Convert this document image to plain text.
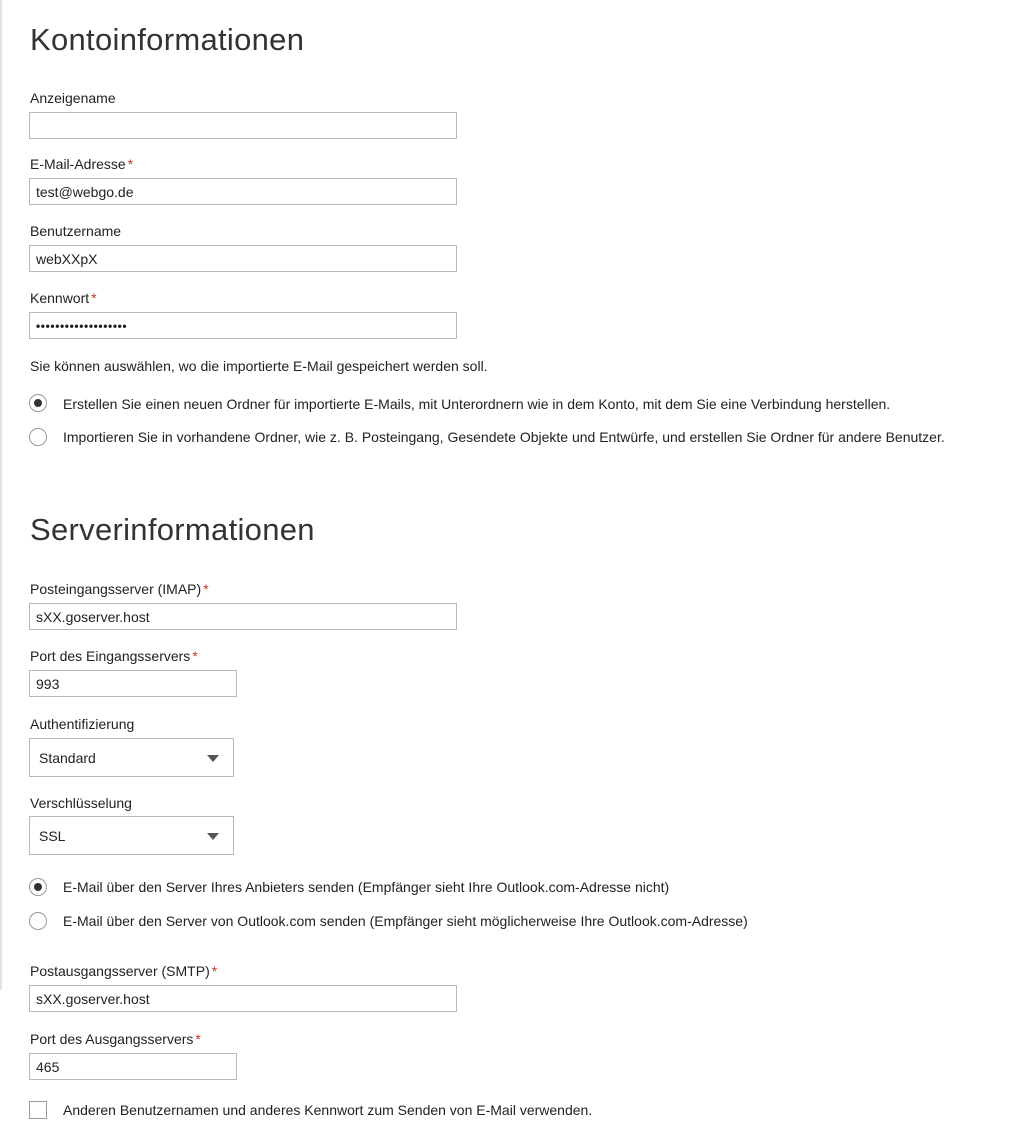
Kontoinformationen
Anzeigename
E-Mail-Adresse *
test@webgo.de
Benutzername
webXXpX
Kennwort *
•••••••••••••••••••
Sie können auswählen, wo die importierte E-Mail gespeichert werden soll.
Erstellen Sie einen neuen Ordner für importierte E-Mails, mit Unterordnern wie in dem Konto, mit dem Sie eine Verbindung herstellen.
Importieren Sie in vorhandene Ordner, wie z. B. Posteingang, Gesendete Objekte und Entwürfe, und erstellen Sie Ordner für andere Benutzer.
Serverinformationen
Posteingangsserver (IMAP) *
sXX.goserver.host
Port des Eingangsservers *
993
Authentifizierung
Standard
Verschlüsselung
SSL
E-Mail über den Server Ihres Anbieters senden (Empfänger sieht Ihre Outlook.com-Adresse nicht)
E-Mail über den Server von Outlook.com senden (Empfänger sieht möglicherweise Ihre Outlook.com-Adresse)
Postausgangsserver (SMTP) *
sXX.goserver.host
Port des Ausgangsservers *
465
Anderen Benutzernamen und anderes Kennwort zum Senden von E-Mail verwenden.
